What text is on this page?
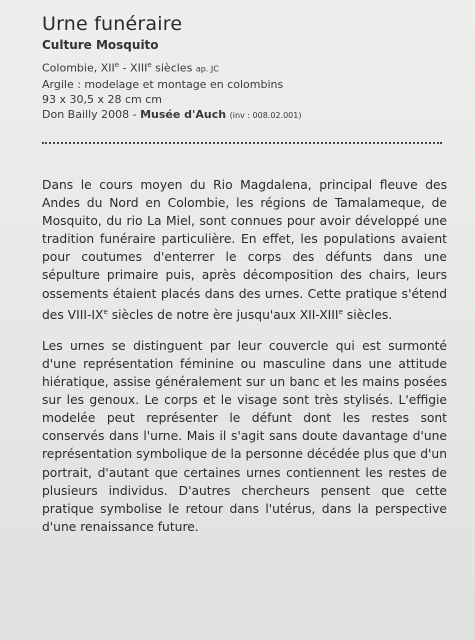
Urne funéraire
Culture Mosquito
Colombie, XIIe - XIIIe siècles ap. JC
Argile : modelage et montage en colombins
93 x 30,5 x 28 cm cm
Don Bailly 2008 - Musée d'Auch (inv : 008.02.001)

Dans le cours moyen du Rio Magdalena, principal fleuve des Andes du Nord en Colombie, les régions de Tamalameque, de Mosquito, du rio La Miel, sont connues pour avoir développé une tradition funéraire particulière. En effet, les populations avaient pour coutumes d'enterrer le corps des défunts dans une sépulture primaire puis, après décomposition des chairs, leurs ossements étaient placés dans des urnes. Cette pratique s'étend des VIII-IXe siècles de notre ère jusqu'aux XII-XIIIe siècles.

Les urnes se distinguent par leur couvercle qui est surmonté d'une représentation féminine ou masculine dans une attitude hiératique, assise généralement sur un banc et les mains posées sur les genoux. Le corps et le visage sont très stylisés. L'effigie modelée peut représenter le défunt dont les restes sont conservés dans l'urne. Mais il s'agit sans doute davantage d'une représentation symbolique de la personne décédée plus que d'un portrait, d'autant que certaines urnes contiennent les restes de plusieurs individus. D'autres chercheurs pensent que cette pratique symbolise le retour dans l'utérus, dans la perspective d'une renaissance future.
